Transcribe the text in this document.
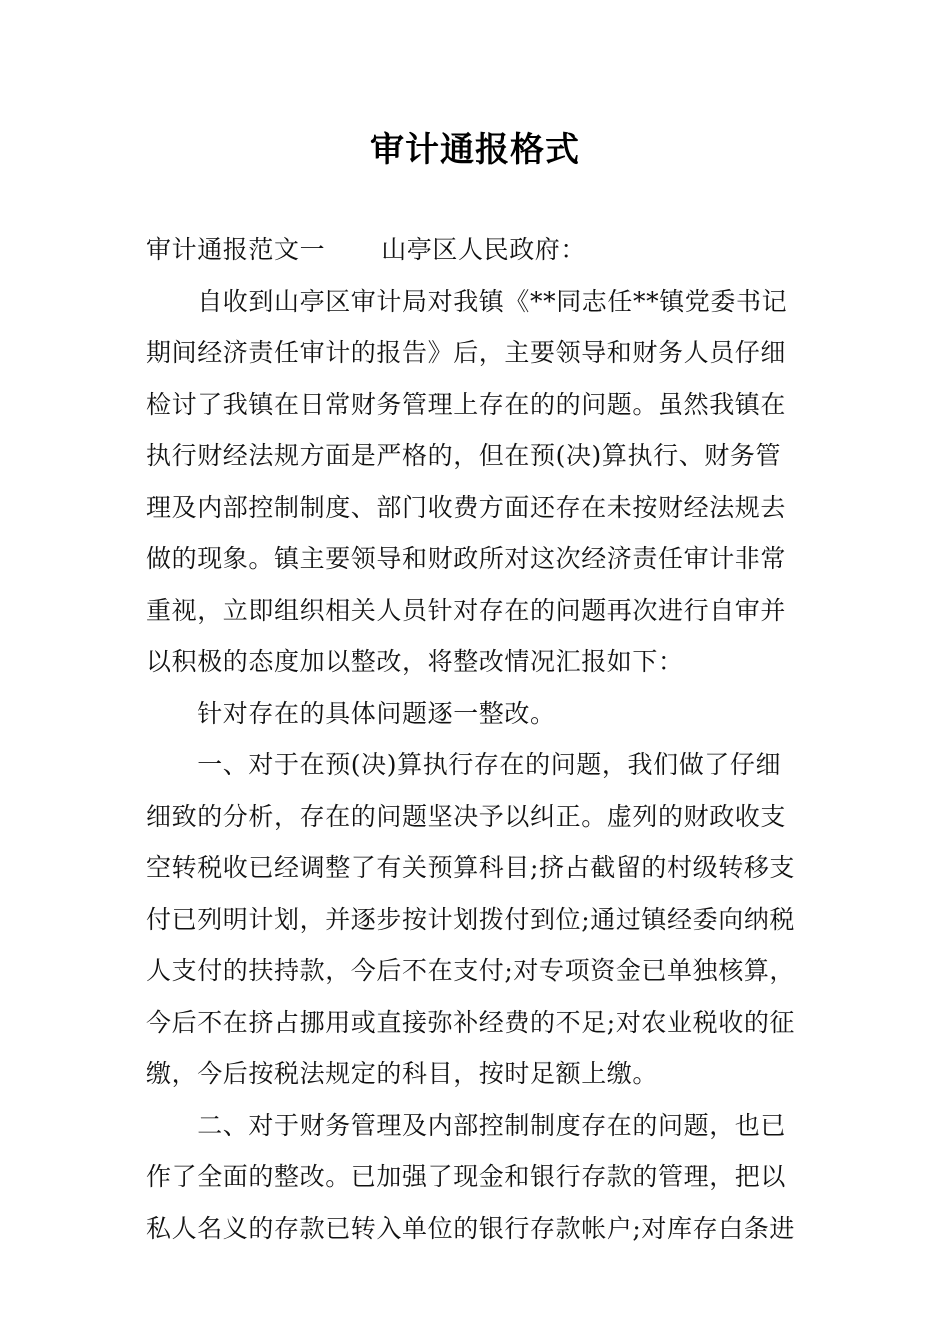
审计通报格式
审计通报范文一 山亭区人民政府：
　　自收到山亭区审计局对我镇《**同志任**镇党委书记
期间经济责任审计的报告》后，主要领导和财务人员仔细
检讨了我镇在日常财务管理上存在的的问题。虽然我镇在
执行财经法规方面是严格的，但在预(决)算执行、财务管
理及内部控制制度、部门收费方面还存在未按财经法规去
做的现象。镇主要领导和财政所对这次经济责任审计非常
重视，立即组织相关人员针对存在的问题再次进行自审并
以积极的态度加以整改，将整改情况汇报如下：
　　针对存在的具体问题逐一整改。
　　一、对于在预(决)算执行存在的问题，我们做了仔细
细致的分析，存在的问题坚决予以纠正。虚列的财政收支
空转税收已经调整了有关预算科目;挤占截留的村级转移支
付已列明计划，并逐步按计划拨付到位;通过镇经委向纳税
人支付的扶持款，今后不在支付;对专项资金已单独核算，
今后不在挤占挪用或直接弥补经费的不足;对农业税收的征
缴，今后按税法规定的科目，按时足额上缴。
　　二、对于财务管理及内部控制制度存在的问题，也已
作了全面的整改。已加强了现金和银行存款的管理，把以
私人名义的存款已转入单位的银行存款帐户;对库存白条进
